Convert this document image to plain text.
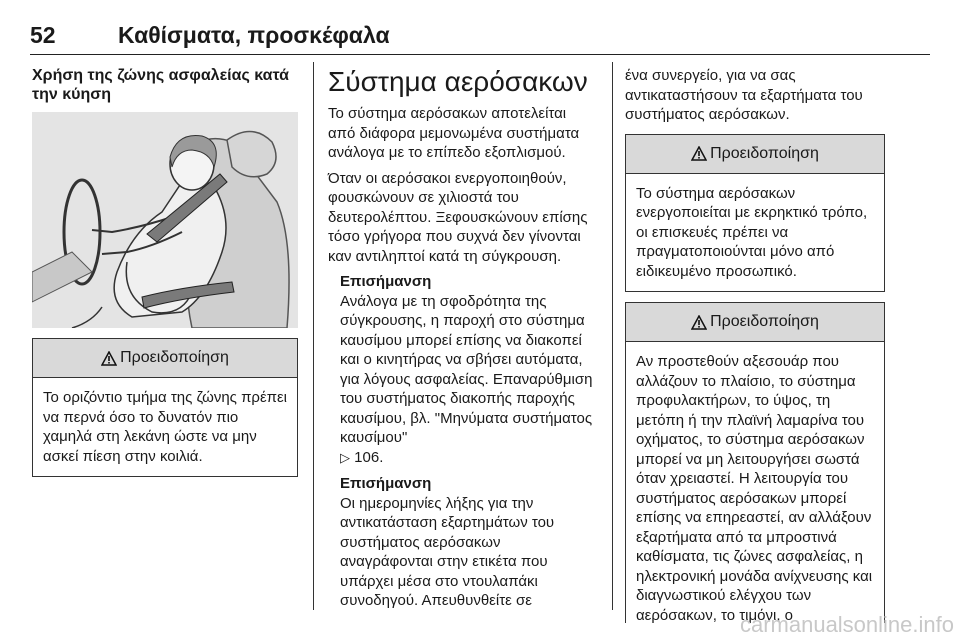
52	Καθίσματα, προσκέφαλα
Χρήση της ζώνης ασφαλείας κατά την κύηση
Προειδοποίηση
Το οριζόντιο τμήμα της ζώνης πρέπει να περνά όσο το δυνατόν πιο χαμηλά στη λεκάνη ώστε να μην ασκεί πίεση στην κοιλιά.
Σύστημα αερόσακων

Το σύστημα αερόσακων αποτελείται από διάφορα μεμονωμένα συστήματα ανάλογα με το επίπεδο εξοπλισμού.

Όταν οι αερόσακοι ενεργοποιηθούν, φουσκώνουν σε χιλιοστά του δευτερολέπτου. Ξεφουσκώνουν επίσης τόσο γρήγορα που συχνά δεν γίνονται καν αντιληπτοί κατά τη σύγκρουση.

Επισήμανση

Ανάλογα με τη σφοδρότητα της σύγκρουσης, η παροχή στο σύστημα καυσίμου μπορεί επίσης να διακοπεί και ο κινητήρας να σβήσει αυτόματα, για λόγους ασφαλείας. Επαναρύθμιση του συστήματος διακοπής παροχής καυσίμου, βλ. "Μηνύματα συστήματος καυσίμου"
▷ 106.

Επισήμανση

Οι ημερομηνίες λήξης για την αντικατάσταση εξαρτημάτων του συστήματος αερόσακων αναγράφονται στην ετικέτα που υπάρχει μέσα στο ντουλαπάκι συνοδηγού. Απευθυνθείτε σε

ένα συνεργείο, για να σας αντικαταστήσουν τα εξαρτήματα του συστήματος αερόσακων.

Προειδοποίηση
Το σύστημα αερόσακων ενεργοποιείται με εκρηκτικό τρόπο, οι επισκευές πρέπει να πραγματοποιούνται μόνο από ειδικευμένο προσωπικό.
Προειδοποίηση
Αν προστεθούν αξεσουάρ που αλλάζουν το πλαίσιο, το σύστημα προφυλακτήρων, το ύψος, τη μετόπη ή την πλαϊνή λαμαρίνα του οχήματος, το σύστημα αερόσακων μπορεί να μη λειτουργήσει σωστά όταν χρειαστεί. Η λειτουργία του συστήματος αερόσακων μπορεί επίσης να επηρεαστεί, αν αλλάξουν εξαρτήματα από τα μπροστινά καθίσματα, τις ζώνες ασφαλείας, η ηλεκτρονική μονάδα ανίχνευσης και διαγνωστικού ελέγχου των αερόσακων, το τιμόνι, ο
carmanualsonline.info
